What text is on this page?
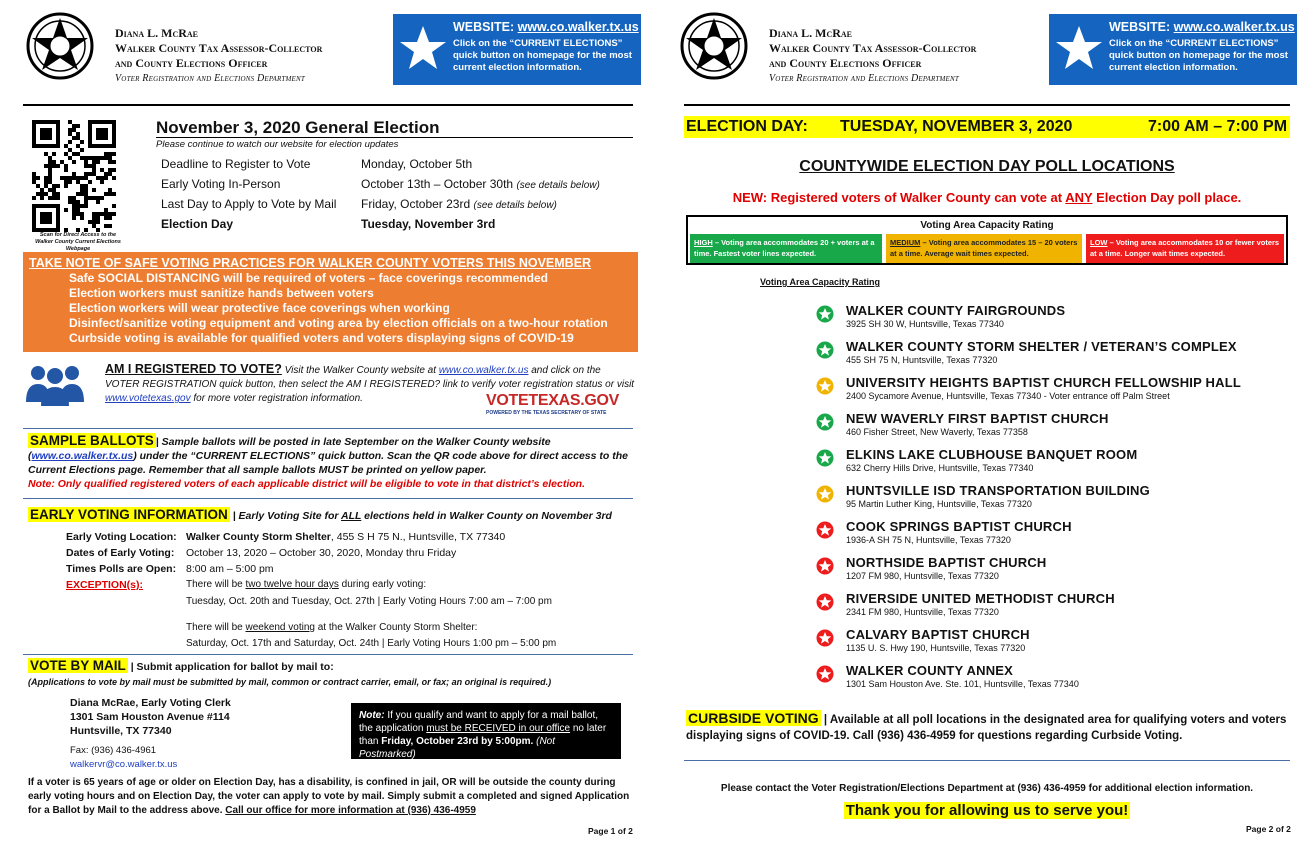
Diana L. McRae
Walker County Tax Assessor-Collector
and County Elections Officer
Voter Registration and Elections Department
WEBSITE: www.co.walker.tx.us
Click on the “CURRENT ELECTIONS” quick button on homepage for the most current election information.
Scan for Direct Access to the Walker County Current Elections Webpage
November 3, 2020 General Election
Please continue to watch our website for election updates
Deadline to Register to Vote	Monday, October 5th
Early Voting In-Person	October 13th – October 30th (see details below)
Last Day to Apply to Vote by Mail Friday, October 23rd (see details below)
Election Day	Tuesday, November 3rd
TAKE NOTE OF SAFE VOTING PRACTICES FOR WALKER COUNTY VOTERS THIS NOVEMBER
Safe SOCIAL DISTANCING will be required of voters – face coverings recommended
Election workers must sanitize hands between voters
Election workers will wear protective face coverings when working
Disinfect/sanitize voting equipment and voting area by election officials on a two-hour rotation
Curbside voting is available for qualified voters and voters displaying signs of COVID-19
AM I REGISTERED TO VOTE? Visit the Walker County website at www.co.walker.tx.us and click on the VOTER REGISTRATION quick button, then select the AM I REGISTERED? link to verify voter registration status or visit
www.votetexas.gov for more voter registration information.	VOTETEXAS.GOV
POWERED BY THE TEXAS SECRETARY OF STATE
SAMPLE BALLOTS | Sample ballots will be posted in late September on the Walker County website (www.co.walker.tx.us) under the “CURRENT ELECTIONS” quick button. Scan the QR code above for direct access to the Current Elections page. Remember that all sample ballots MUST be printed on yellow paper.
Note: Only qualified registered voters of each applicable district will be eligible to vote in that district’s election.
EARLY VOTING INFORMATION | Early Voting Site for ALL elections held in Walker County on November 3rd
Early Voting Location: Walker County Storm Shelter, 455 S H 75 N., Huntsville, TX 77340
Dates of Early Voting: October 13, 2020 – October 30, 2020, Monday thru Friday
Times Polls are Open: 8:00 am – 5:00 pm
EXCEPTION(s):	There will be two twelve hour days during early voting:
Tuesday, Oct. 20th and Tuesday, Oct. 27th | Early Voting Hours 7:00 am – 7:00 pm
There will be weekend voting at the Walker County Storm Shelter:
Saturday, Oct. 17th and Saturday, Oct. 24th | Early Voting Hours 1:00 pm – 5:00 pm
VOTE BY MAIL | Submit application for ballot by mail to:
(Applications to vote by mail must be submitted by mail, common or contract carrier, email, or fax; an original is required.)
Diana McRae, Early Voting Clerk
1301 Sam Houston Avenue #114
Huntsville, TX 77340
Fax: (936) 436-4961
walkervr@co.walker.tx.us
Note: If you qualify and want to apply for a mail ballot, the application must be RECEIVED in our office no later than Friday, October 23rd by 5:00pm. (Not Postmarked)
If a voter is 65 years of age or older on Election Day, has a disability, is confined in jail, OR will be outside the county during early voting hours and on Election Day, the voter can apply to vote by mail. Simply submit a completed and signed Application for a Ballot by Mail to the address above. Call our office for more information at (936) 436-4959
Page 1 of 2
Diana L. McRae
Walker County Tax Assessor-Collector
and County Elections Officer
Voter Registration and Elections Department
WEBSITE: www.co.walker.tx.us
Click on the “CURRENT ELECTIONS” quick button on homepage for the most current election information.
ELECTION DAY: TUESDAY, NOVEMBER 3, 2020	7:00 AM – 7:00 PM
COUNTYWIDE ELECTION DAY POLL LOCATIONS
NEW: Registered voters of Walker County can vote at ANY Election Day poll place.
Voting Area Capacity Rating
HIGH – Voting area accommodates 20 + voters at a time. Fastest voter lines expected.
MEDIUM – Voting area accommodates 15 – 20 voters at a time. Average wait times expected.
LOW – Voting area accommodates 10 or fewer voters at a time. Longer wait times expected.
Voting Area Capacity Rating
WALKER COUNTY FAIRGROUNDS
3925 SH 30 W, Huntsville, Texas 77340
WALKER COUNTY STORM SHELTER / VETERAN’S COMPLEX
455 SH 75 N, Huntsville, Texas 77320
UNIVERSITY HEIGHTS BAPTIST CHURCH FELLOWSHIP HALL
2400 Sycamore Avenue, Huntsville, Texas 77340 - Voter entrance off Palm Street
NEW WAVERLY FIRST BAPTIST CHURCH
460 Fisher Street, New Waverly, Texas 77358
ELKINS LAKE CLUBHOUSE BANQUET ROOM
632 Cherry Hills Drive, Huntsville, Texas 77340
HUNTSVILLE ISD TRANSPORTATION BUILDING
95 Martin Luther King, Huntsville, Texas 77320
COOK SPRINGS BAPTIST CHURCH
1936-A SH 75 N, Huntsville, Texas 77320
NORTHSIDE BAPTIST CHURCH
1207 FM 980, Huntsville, Texas 77320
RIVERSIDE UNITED METHODIST CHURCH
2341 FM 980, Huntsville, Texas 77320
CALVARY BAPTIST CHURCH
1135 U. S. Hwy 190, Huntsville, Texas 77320
WALKER COUNTY ANNEX
1301 Sam Houston Ave. Ste. 101, Huntsville, Texas 77340
CURBSIDE VOTING | Available at all poll locations in the designated area for qualifying voters and voters displaying signs of COVID-19. Call (936) 436-4959 for questions regarding Curbside Voting.
Please contact the Voter Registration/Elections Department at (936) 436-4959 for additional election information.
Thank you for allowing us to serve you!
Page 2 of 2
